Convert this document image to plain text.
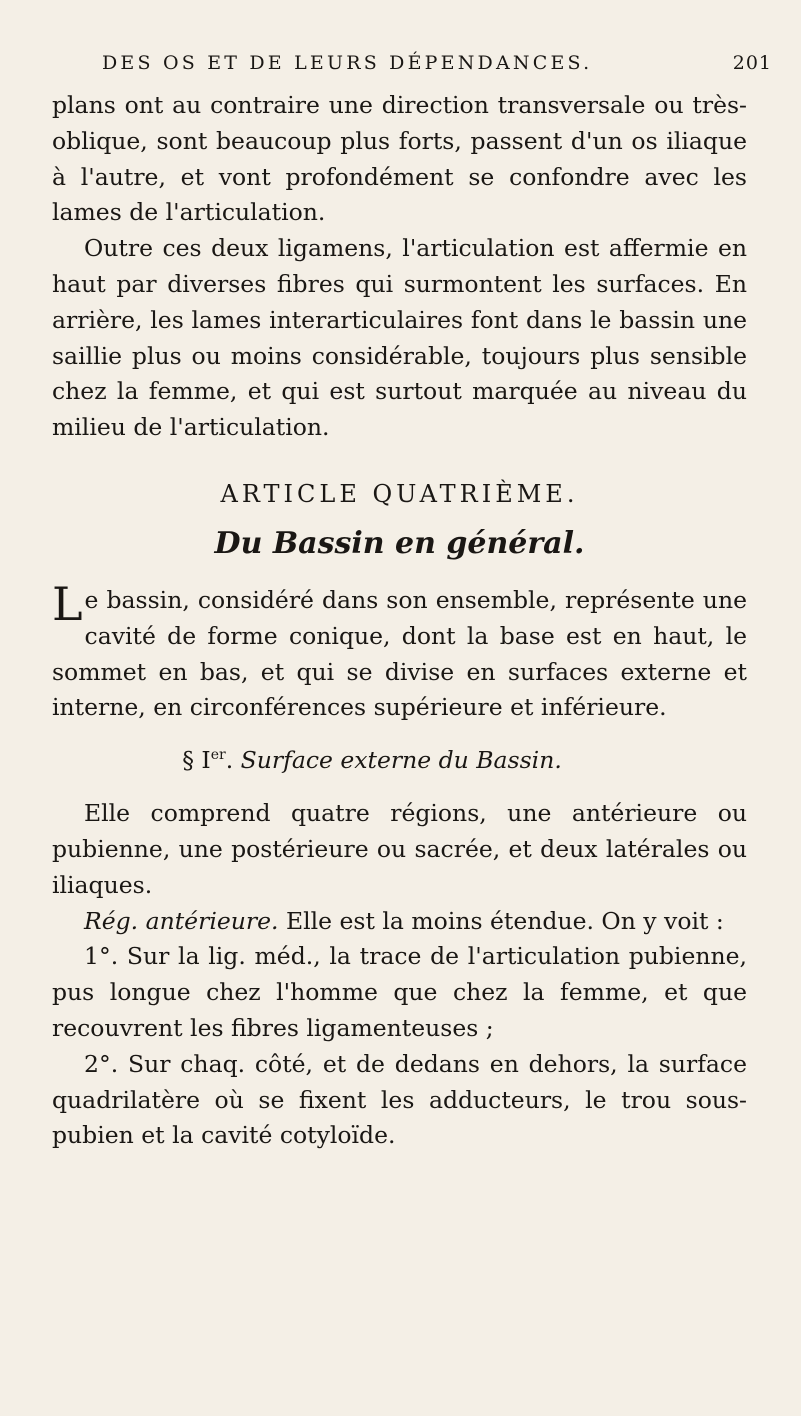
DES OS ET DE LEURS DÉPENDANCES.	201

plans ont au contraire une direction transversale ou très-oblique, sont beaucoup plus forts, passent d'un os iliaque à l'autre, et vont profondément se confondre avec les lames de l'articulation.

Outre ces deux ligamens, l'articulation est affermie en haut par diverses fibres qui surmontent les surfaces. En arrière, les lames interarticulaires font dans le bassin une saillie plus ou moins considérable, toujours plus sensible chez la femme, et qui est surtout marquée au niveau du milieu de l'articulation.

ARTICLE QUATRIÈME.
Du Bassin en général.

Le bassin, considéré dans son ensemble, représente une cavité de forme conique, dont la base est en haut, le sommet en bas, et qui se divise en surfaces externe et interne, en circonférences supérieure et inférieure.

§ Ier. Surface externe du Bassin.

Elle comprend quatre régions, une antérieure ou pubienne, une postérieure ou sacrée, et deux latérales ou iliaques.

Rég. antérieure. Elle est la moins étendue. On y voit :

1°. Sur la lig. méd., la trace de l'articulation pubienne, pus longue chez l'homme que chez la femme, et que recouvrent les fibres ligamenteuses ;

2°. Sur chaq. côté, et de dedans en dehors, la surface quadrilatère où se fixent les adducteurs, le trou sous-pubien et la cavité cotyloïde.
